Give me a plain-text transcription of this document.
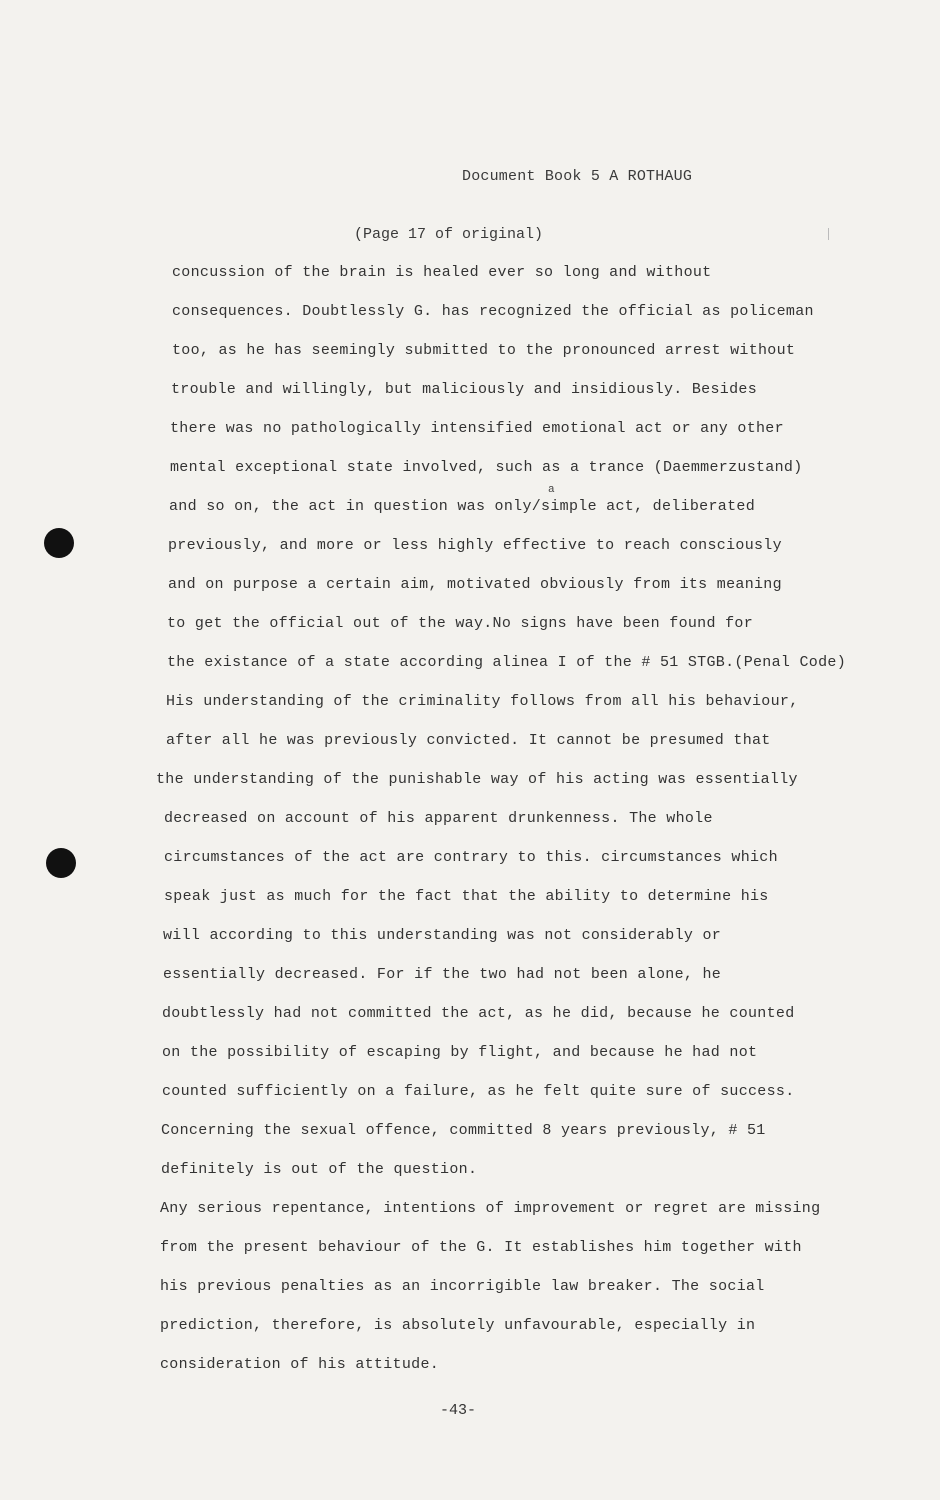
Document Book 5 A ROTHAUG
(Page 17 of original)
a
concussion of the brain is healed ever so long and without
consequences. Doubtlessly G. has recognized the official as policeman
too, as he has seemingly submitted to the pronounced arrest without
trouble and willingly, but maliciously and insidiously. Besides
there was no pathologically intensified emotional act or any other
mental exceptional state involved, such as a trance (Daemmerzustand)
and so on, the act in question was only/simple act, deliberated
previously, and more or less highly effective to reach consciously
and on purpose a certain aim, motivated obviously from its meaning
to get the official out of the way.No signs have been found for
the existance of a state according alinea I of the # 51 STGB.(Penal Code)
His understanding of the criminality follows from all his behaviour,
after all he was previously convicted. It cannot be presumed that
the understanding of the punishable way of his acting was essentially
decreased on account of his apparent drunkenness. The whole
circumstances of the act are contrary to this. circumstances which
speak just as much for the fact that the ability to determine his
will according to this understanding was not considerably or
essentially decreased. For if the two had not been alone, he
doubtlessly had not committed the act, as he did, because he counted
on the possibility of escaping by flight, and because he had not
counted sufficiently on a failure, as he felt quite sure of success.
Concerning the sexual offence, committed 8 years previously, # 51
definitely is out of the question.
Any serious repentance, intentions of improvement or regret are missing
from the present behaviour of the G. It establishes him together with
his previous penalties as an incorrigible law breaker. The social
prediction, therefore, is absolutely unfavourable, especially in
consideration of his attitude.
-43-
